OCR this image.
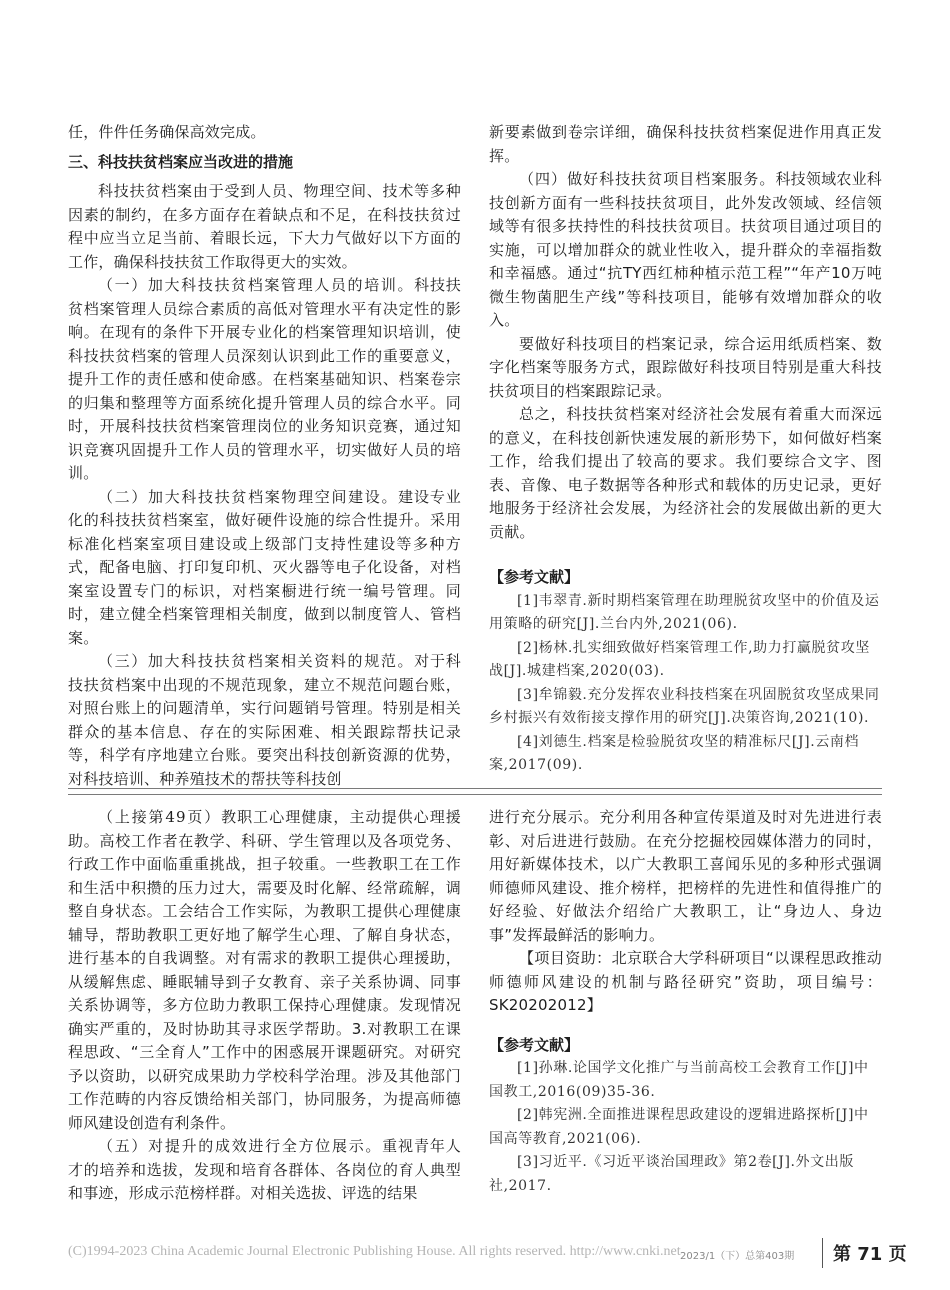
任，件件任务确保高效完成。

三、科技扶贫档案应当改进的措施

科技扶贫档案由于受到人员、物理空间、技术等多种因素的制约，在多方面存在着缺点和不足，在科技扶贫过程中应当立足当前、着眼长远，下大力气做好以下方面的工作，确保科技扶贫工作取得更大的实效。

（一）加大科技扶贫档案管理人员的培训。科技扶贫档案管理人员综合素质的高低对管理水平有决定性的影响。在现有的条件下开展专业化的档案管理知识培训，使科技扶贫档案的管理人员深刻认识到此工作的重要意义，提升工作的责任感和使命感。在档案基础知识、档案卷宗的归集和整理等方面系统化提升管理人员的综合水平。同时，开展科技扶贫档案管理岗位的业务知识竞赛，通过知识竞赛巩固提升工作人员的管理水平，切实做好人员的培训。

（二）加大科技扶贫档案物理空间建设。建设专业化的科技扶贫档案室，做好硬件设施的综合性提升。采用标准化档案室项目建设或上级部门支持性建设等多种方式，配备电脑、打印复印机、灭火器等电子化设备，对档案室设置专门的标识，对档案橱进行统一编号管理。同时，建立健全档案管理相关制度，做到以制度管人、管档案。

（三）加大科技扶贫档案相关资料的规范。对于科技扶贫档案中出现的不规范现象，建立不规范问题台账，对照台账上的问题清单，实行问题销号管理。特别是相关群众的基本信息、存在的实际困难、相关跟踪帮扶记录等，科学有序地建立台账。要突出科技创新资源的优势，对科技培训、种养殖技术的帮扶等科技创

新要素做到卷宗详细，确保科技扶贫档案促进作用真正发挥。

（四）做好科技扶贫项目档案服务。科技领域农业科技创新方面有一些科技扶贫项目，此外发改领域、经信领域等有很多扶持性的科技扶贫项目。扶贫项目通过项目的实施，可以增加群众的就业性收入，提升群众的幸福指数和幸福感。通过“抗TY西红柿种植示范工程”“年产10万吨微生物菌肥生产线”等科技项目，能够有效增加群众的收入。

要做好科技项目的档案记录，综合运用纸质档案、数字化档案等服务方式，跟踪做好科技项目特别是重大科技扶贫项目的档案跟踪记录。

总之，科技扶贫档案对经济社会发展有着重大而深远的意义，在科技创新快速发展的新形势下，如何做好档案工作，给我们提出了较高的要求。我们要综合文字、图表、音像、电子数据等各种形式和载体的历史记录，更好地服务于经济社会发展，为经济社会的发展做出新的更大贡献。

【参考文献】

[1]韦翠青.新时期档案管理在助理脱贫攻坚中的价值及运用策略的研究[J].兰台内外,2021(06).

[2]杨林.扎实细致做好档案管理工作,助力打赢脱贫攻坚战[J].城建档案,2020(03).

[3]牟锦毅.充分发挥农业科技档案在巩固脱贫攻坚成果同乡村振兴有效衔接支撑作用的研究[J].决策咨询,2021(10).

[4]刘德生.档案是检验脱贫攻坚的精准标尺[J].云南档案,2017(09).

（上接第49页）教职工心理健康，主动提供心理援助。高校工作者在教学、科研、学生管理以及各项党务、行政工作中面临重重挑战，担子较重。一些教职工在工作和生活中积攒的压力过大，需要及时化解、经常疏解，调整自身状态。工会结合工作实际，为教职工提供心理健康辅导，帮助教职工更好地了解学生心理、了解自身状态，进行基本的自我调整。对有需求的教职工提供心理援助，从缓解焦虑、睡眠辅导到子女教育、亲子关系协调、同事关系协调等，多方位助力教职工保持心理健康。发现情况确实严重的，及时协助其寻求医学帮助。3.对教职工在课程思政、“三全育人”工作中的困惑展开课题研究。对研究予以资助，以研究成果助力学校科学治理。涉及其他部门工作范畴的内容反馈给相关部门，协同服务，为提高师德师风建设创造有利条件。

（五）对提升的成效进行全方位展示。重视青年人才的培养和选拔，发现和培育各群体、各岗位的育人典型和事迹，形成示范榜样群。对相关选拔、评选的结果

进行充分展示。充分利用各种宣传渠道及时对先进进行表彰、对后进进行鼓励。在充分挖掘校园媒体潜力的同时，用好新媒体技术，以广大教职工喜闻乐见的多种形式强调师德师风建设、推介榜样，把榜样的先进性和值得推广的好经验、好做法介绍给广大教职工，让“身边人、身边事”发挥最鲜活的影响力。

【项目资助：北京联合大学科研项目“以课程思政推动师德师风建设的机制与路径研究”资助，项目编号：SK20202012】

【参考文献】

[1]孙琳.论国学文化推广与当前高校工会教育工作[J]中国教工,2016(09)35-36.

[2]韩宪洲.全面推进课程思政建设的逻辑进路探析[J]中国高等教育,2021(06).

[3]习近平.《习近平谈治国理政》第2卷[J].外文出版社,2017.

(C)1994-2023 China Academic Journal Electronic Publishing House. All rights reserved. http://www.cnki.net 2023/1（下）总第403期 第 71 页
